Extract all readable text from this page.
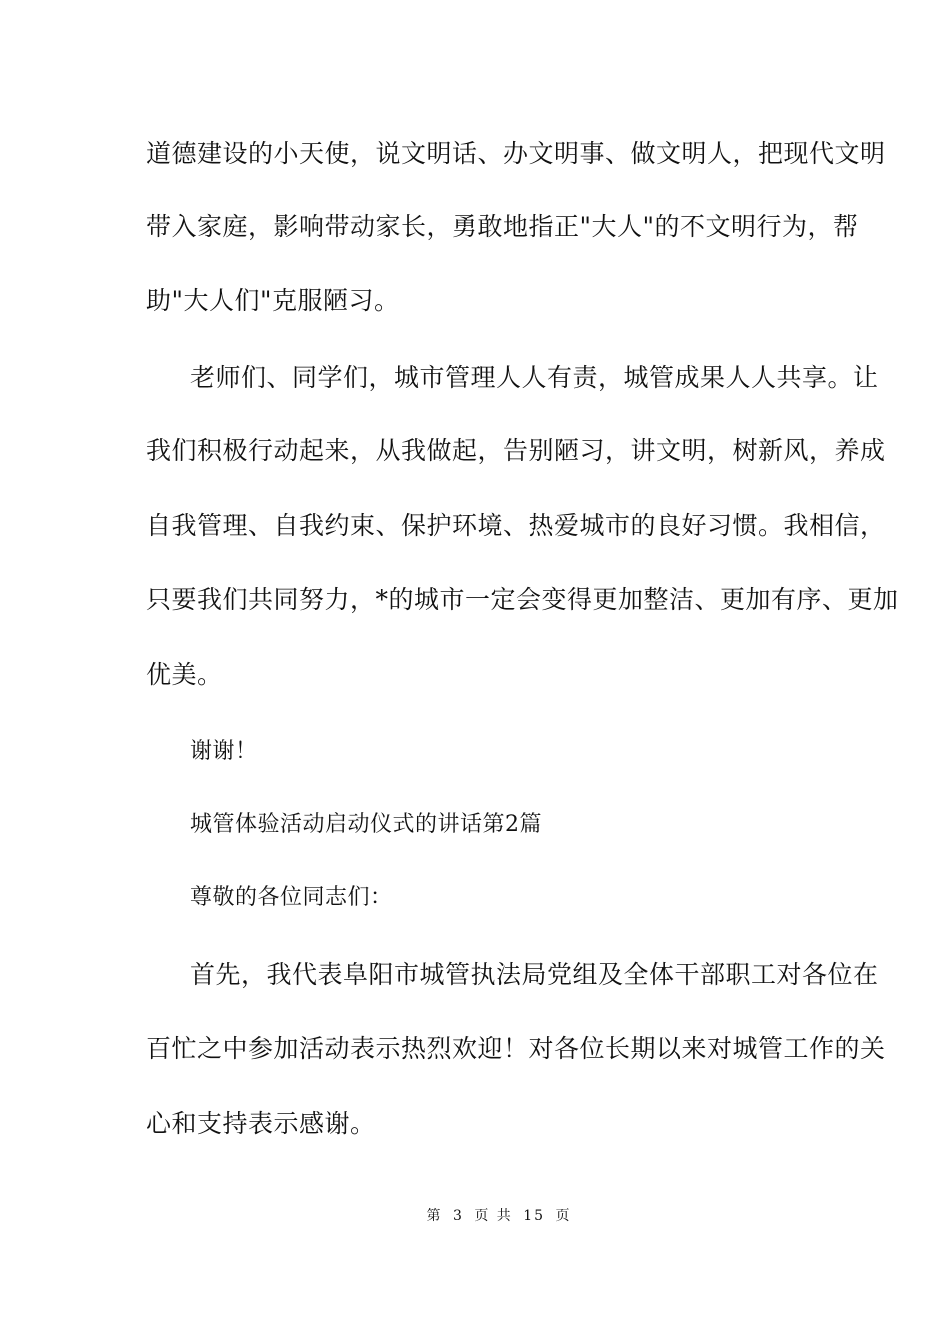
道德建设的小天使，说文明话、办文明事、做文明人，把现代文明
带入家庭，影响带动家长，勇敢地指正"大人"的不文明行为，帮
助"大人们"克服陋习。
老师们、同学们，城市管理人人有责，城管成果人人共享。让
我们积极行动起来，从我做起，告别陋习，讲文明，树新风，养成
自我管理、自我约束、保护环境、热爱城市的良好习惯。我相信，
只要我们共同努力，*的城市一定会变得更加整洁、更加有序、更加
优美。
谢谢！
城管体验活动启动仪式的讲话第2篇
尊敬的各位同志们：
首先，我代表阜阳市城管执法局党组及全体干部职工对各位在
百忙之中参加活动表示热烈欢迎！对各位长期以来对城管工作的关
心和支持表示感谢。
第 3 页 共 15 页
